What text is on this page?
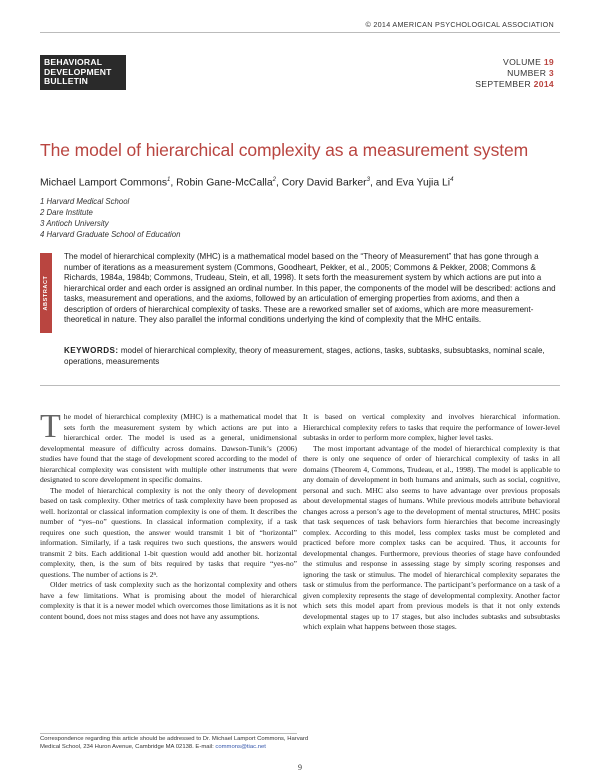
© 2014 AMERICAN PSYCHOLOGICAL ASSOCIATION
BEHAVIORAL
DEVELOPMENT
BULLETIN
VOLUME 19
NUMBER 3
SEPTEMBER 2014
The model of hierarchical complexity as a measurement system
Michael Lamport Commons$^1$, Robin Gane-McCalla$^2$, Cory David Barker$^3$, and Eva Yujia Li$^4$
1 Harvard Medical School
2 Dare Institute
3 Antioch University
4 Harvard Graduate School of Education
ABSTRACT

The model of hierarchical complexity (MHC) is a mathematical model based on the “Theory of Measurement” that has gone through a number of iterations as a measurement system (Commons, Goodheart, Pekker, et al., 2005; Commons & Pekker, 2008; Commons & Richards, 1984a, 1984b; Commons, Trudeau, Stein, et all, 1998). It sets forth the measurement system by which actions are put into a hierarchical order and each order is assigned an ordinal number. In this paper, the components of the model will be described: actions and tasks, measurement and operations, and the axioms, followed by an articulation of emerging properties from axioms, and then a description of orders of hierarchical complexity of tasks. These are a reworked smaller set of axioms, which are more measurement-theoretical in nature. They also parallel the informal conditions underlying the kind of complexity that the MHC entails.

KEYWORDS: model of hierarchical complexity, theory of measurement, stages, actions, tasks, subtasks, subsubtasks, nominal scale, operations, measurements

The model of hierarchical complexity (MHC) is a mathematical model that sets forth the measurement system by which actions are put into a hierarchical order. The model is used as a general, unidimensional developmental measure of difficulty across domains. Dawson-Tunik’s (2006) studies have found that the stage of development scored according to the model of hierarchical complexity was consistent with multiple other instruments that were designated to score development in specific domains.

The model of hierarchical complexity is not the only theory of development based on task complexity. Other metrics of task complexity have been proposed as well. horizontal or classical information complexity is one of them. It describes the number of “yes–no” questions. In classical information complexity, if a task requires one such question, the answer would transmit 1 bit of “horizontal” information. Similarly, if a task requires two such questions, the answers would transmit 2 bits. Each additional 1-bit question would add another bit. horizontal complexity, then, is the sum of bits required by tasks that require “yes-no” questions. The number of actions is 2ⁿ.

Older metrics of task complexity such as the horizontal complexity and others have a few limitations. What is promising about the model of hierarchical complexity is that it is a newer model which overcomes those limitations as it is not content bound, does not miss stages and does not have any assumptions.

It is based on vertical complexity and involves hierarchical information. Hierarchical complexity refers to tasks that require the performance of lower-level subtasks in order to perform more complex, higher level tasks.

The most important advantage of the model of hierarchical complexity is that there is only one sequence of order of hierarchical complexity of tasks in all domains (Theorem 4, Commons, Trudeau, et al., 1998). The model is applicable to any domain of development in both humans and animals, such as social, cognitive, personal and such. MHC also seems to have advantage over previous proposals about developmental stages of humans. While previous models attribute behavioral changes across a person’s age to the development of mental structures, MHC posits that task sequences of task behaviors form hierarchies that become increasingly complex. According to this model, less complex tasks must be completed and practiced before more complex tasks can be acquired. Thus, it accounts for developmental changes. Furthermore, previous theories of stage have confounded the stimulus and response in assessing stage by simply scoring responses and ignoring the task or stimulus. The model of hierarchical complexity separates the task or stimulus from the performance. The participant’s performance on a task of a given complexity represents the stage of developmental complexity. Another factor which sets this model apart from previous models is that it not only extends developmental stages up to 17 stages, but also includes subtasks and subsubtasks which explain what happens between those stages.

Correspondence regarding this article should be addressed to Dr. Michael Lamport Commons, Harvard Medical School, 234 Huron Avenue, Cambridge MA 02138. E-mail: commons@tiac.net
9
